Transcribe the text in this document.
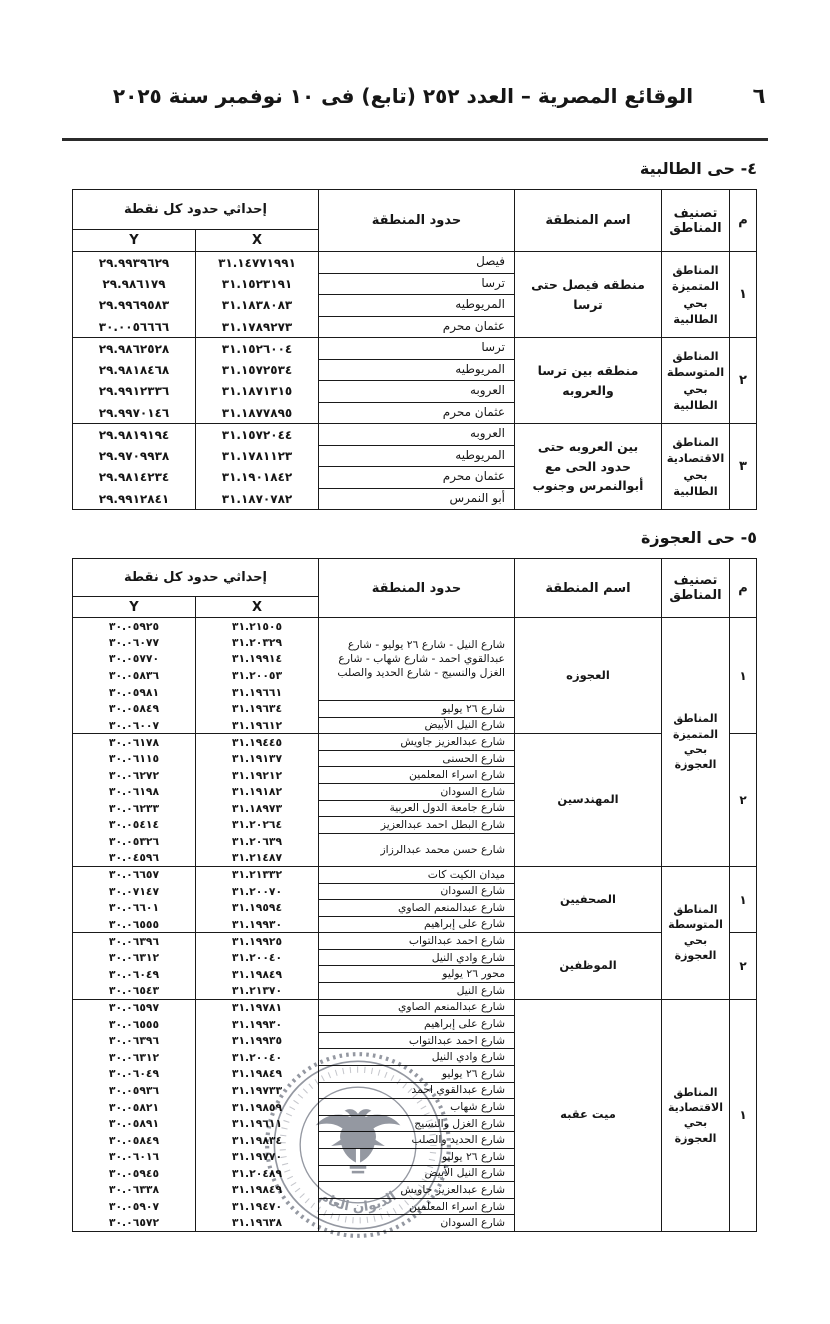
٦
الوقائع المصرية – العدد ٢٥٢ (تابع) فى ١٠ نوفمبر سنة ٢٠٢٥
٤- حى الطالبية
م	تصنيف المناطق	اسم المنطقة	حدود المنطقة	إحداثي حدود كل نقطة	
				X	Y
١	المناطق المتميزة بحي الطالبية	منطقه فيصل حتى ترسا	فيصل	٣١.١٤٧٧١٩٩١	٢٩.٩٩٣٩٦٢٩
			ترسا	٣١.١٥٢٣١٩١	٢٩.٩٨٦١٧٩
			المريوطيه	٣١.١٨٣٨٠٨٣	٢٩.٩٩٦٩٥٨٣
			عثمان محرم	٣١.١٧٨٩٢٧٣	٣٠.٠٠٥٦٦٦٦
٢	المناطق المتوسطة بحي الطالبية	منطقه بين ترسا والعروبه	ترسا	٣١.١٥٢٦٠٠٤	٢٩.٩٨٦٢٥٢٨
			المريوطيه	٣١.١٥٧٢٥٣٤	٢٩.٩٨١٨٤٦٨
			العروبه	٣١.١٨٧١٣١٥	٢٩.٩٩١٢٣٣٦
			عثمان محرم	٣١.١٨٧٧٨٩٥	٢٩.٩٩٧٠١٤٦
٣	المناطق الاقتصادية بحي الطالبية	بين العروبه حتى حدود الحى مع أبوالنمرس وجنوب	العروبه	٣١.١٥٧٢٠٤٤	٢٩.٩٨١٩١٩٤
			المريوطيه	٣١.١٧٨١١٢٣	٢٩.٩٧٠٩٩٣٨
			عثمان محرم	٣١.١٩٠١٨٤٢	٢٩.٩٨١٤٢٣٤
			أبو النمرس	٣١.١٨٧٠٧٨٢	٢٩.٩٩١٢٨٤١
٥- حى العجوزة
م	تصنيف المناطق	اسم المنطقة	حدود المنطقة	إحداثي حدود كل نقطة	
				X	Y
١	المناطق المتميزة بحي العجوزة	العجوزه	شارع النيل - شارع ٢٦ يوليو - شارع عبدالقوي احمد - شارع شهاب - شارع الغزل والنسيج - شارع الحديد والصلب	٣١.٢١٥٠٥	٣٠.٠٥٩٢٥
				٣١.٢٠٣٢٩	٣٠.٠٦٠٧٧
				٣١.١٩٩١٤	٣٠.٠٥٧٧٠
				٣١.٢٠٠٥٣	٣٠.٠٥٨٣٦
				٣١.١٩٦٦١	٣٠.٠٥٩٨١
			شارع ٢٦ يوليو	٣١.١٩٦٣٤	٣٠.٠٥٨٤٩
			شارع النيل الأبيض	٣١.١٩٦١٢	٣٠.٠٦٠٠٧
٢		المهندسين	شارع عبدالعزيز جاويش	٣١.١٩٤٤٥	٣٠.٠٦١٧٨
			شارع الحسنى	٣١.١٩١٣٧	٣٠.٠٦١١٥
			شارع اسراء المعلمين	٣١.١٩٢١٢	٣٠.٠٦٢٧٢
			شارع السودان	٣١.١٩١٨٢	٣٠.٠٦١٩٨
			شارع جامعة الدول العربية	٣١.١٨٩٧٣	٣٠.٠٦٢٣٣
			شارع البطل احمد عبدالعزيز	٣١.٢٠٢٦٤	٣٠.٠٥٤١٤
			شارع حسن محمد عبدالرزاز	٣١.٢٠٦٣٩	٣٠.٠٥٣٢٦
				٣١.٢١٤٨٧	٣٠.٠٤٥٩٦
١	المناطق المتوسطة بحي العجوزة	الصحفيين	ميدان الكيت كات	٣١.٢١٣٣٢	٣٠.٠٦٦٥٧
			شارع السودان	٣١.٢٠٠٧٠	٣٠.٠٧١٤٧
			شارع عبدالمنعم الصاوي	٣١.١٩٥٩٤	٣٠.٠٦٦٠١
			شارع على إبراهيم	٣١.١٩٩٣٠	٣٠.٠٦٥٥٥
٢		الموظفين	شارع احمد عبدالتواب	٣١.١٩٩٢٥	٣٠.٠٦٣٩٦
			شارع وادي النيل	٣١.٢٠٠٤٠	٣٠.٠٦٣١٢
			محور ٢٦ يوليو	٣١.١٩٨٤٩	٣٠.٠٦٠٤٩
			شارع النيل	٣١.٢١٣٧٠	٣٠.٠٦٥٤٣
١	المناطق الاقتصادية بحي العجوزة	ميت عقبه	شارع عبدالمنعم الصاوي	٣١.١٩٧٨١	٣٠.٠٦٥٩٧
			شارع على إبراهيم	٣١.١٩٩٣٠	٣٠.٠٦٥٥٥
			شارع احمد عبدالتواب	٣١.١٩٩٣٥	٣٠.٠٦٣٩٦
			شارع وادي النيل	٣١.٢٠٠٤٠	٣٠.٠٦٣١٢
			شارع ٢٦ يوليو	٣١.١٩٨٤٩	٣٠.٠٦٠٤٩
			شارع عبدالقوي احمد	٣١.١٩٧٣٣	٣٠.٠٥٩٣٦
			شارع شهاب	٣١.١٩٨٥٩	٣٠.٠٥٨٢١
			شارع الغزل والنسيج	٣١.١٩٦١١	٣٠.٠٥٨٩١
			شارع الحديد والصلب	٣١.١٩٨٣٤	٣٠.٠٥٨٤٩
			شارع ٢٦ يوليو	٣١.١٩٧٧٠	٣٠.٠٦٠١٦
			شارع النيل الأبيض	٣١.٢٠٤٨٩	٣٠.٠٥٩٤٥
			شارع عبدالعزيز جاويش	٣١.١٩٨٤٩	٣٠.٠٦٣٣٨
			شارع اسراء المعلمين	٣١.١٩٤٧٠	٣٠.٠٥٩٠٧
			شارع السودان	٣١.١٩٦٣٨	٣٠.٠٦٥٧٢
الديوان العام
